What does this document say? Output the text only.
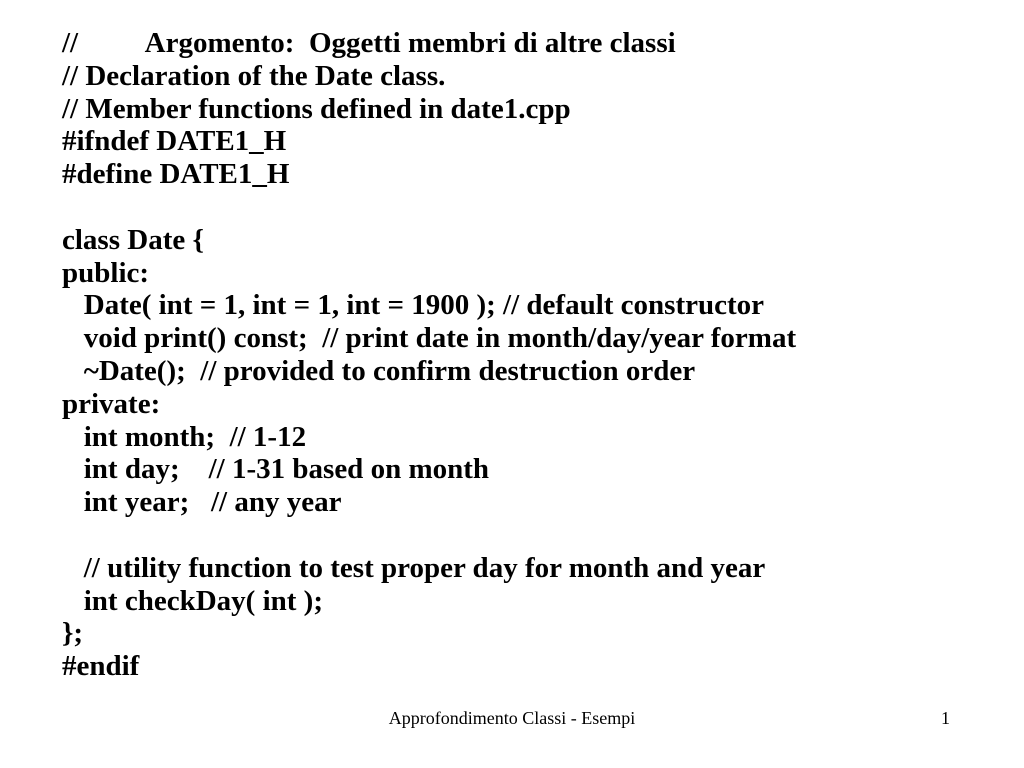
//		Argomento:  Oggetti membri di altre classi
// Declaration of the Date class.
// Member functions defined in date1.cpp
#ifndef DATE1_H
#define DATE1_H
class Date {
public:
Date( int = 1, int = 1, int = 1900 ); // default constructor
void print() const;  // print date in month/day/year format
~Date();  // provided to confirm destruction order
private:
int month;  // 1-12
int day;    // 1-31 based on month
int year;   // any year
// utility function to test proper day for month and year
int checkDay( int );
};
#endif
Approfondimento Classi - Esempi	1
